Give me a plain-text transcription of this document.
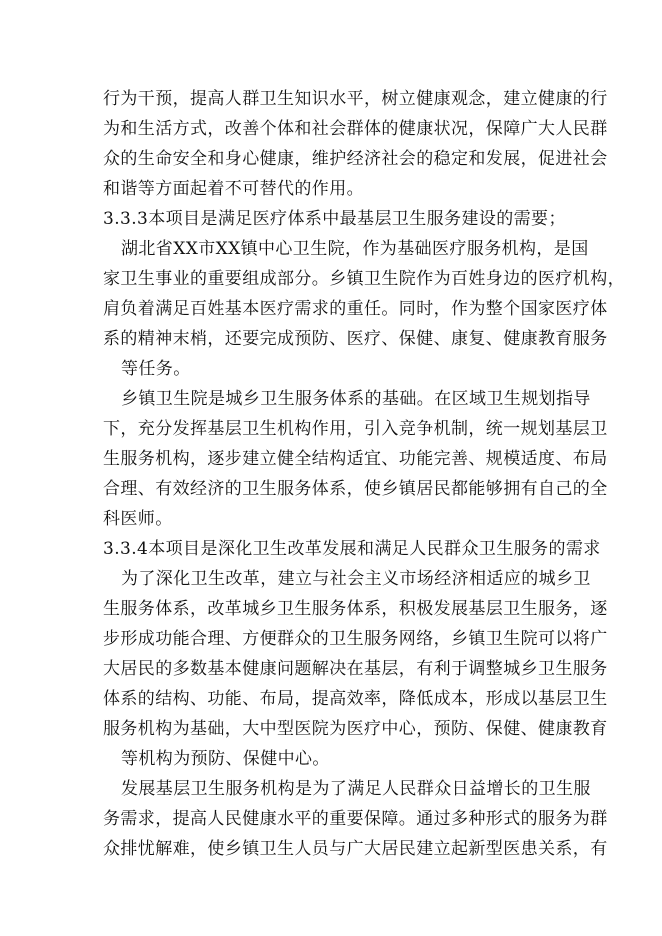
行为干预，提高人群卫生知识水平，树立健康观念，建立健康的行
为和生活方式，改善个体和社会群体的健康状况，保障广大人民群
众的生命安全和身心健康，维护经济社会的稳定和发展，促进社会
和谐等方面起着不可替代的作用。
3.3.3本项目是满足医疗体系中最基层卫生服务建设的需要；
湖北省XX市XX镇中心卫生院，作为基础医疗服务机构，是国
家卫生事业的重要组成部分。乡镇卫生院作为百姓身边的医疗机构，
肩负着满足百姓基本医疗需求的重任。同时，作为整个国家医疗体
系的精神末梢，还要完成预防、医疗、保健、康复、健康教育服务
等任务。
乡镇卫生院是城乡卫生服务体系的基础。在区域卫生规划指导
下，充分发挥基层卫生机构作用，引入竞争机制，统一规划基层卫
生服务机构，逐步建立健全结构适宜、功能完善、规模适度、布局
合理、有效经济的卫生服务体系，使乡镇居民都能够拥有自己的全
科医师。
3.3.4本项目是深化卫生改革发展和满足人民群众卫生服务的需求
为了深化卫生改革，建立与社会主义市场经济相适应的城乡卫
生服务体系，改革城乡卫生服务体系，积极发展基层卫生服务，逐
步形成功能合理、方便群众的卫生服务网络，乡镇卫生院可以将广
大居民的多数基本健康问题解决在基层，有利于调整城乡卫生服务
体系的结构、功能、布局，提高效率，降低成本，形成以基层卫生
服务机构为基础，大中型医院为医疗中心，预防、保健、健康教育
等机构为预防、保健中心。
发展基层卫生服务机构是为了满足人民群众日益增长的卫生服
务需求，提高人民健康水平的重要保障。通过多种形式的服务为群
众排忧解难，使乡镇卫生人员与广大居民建立起新型医患关系，有
